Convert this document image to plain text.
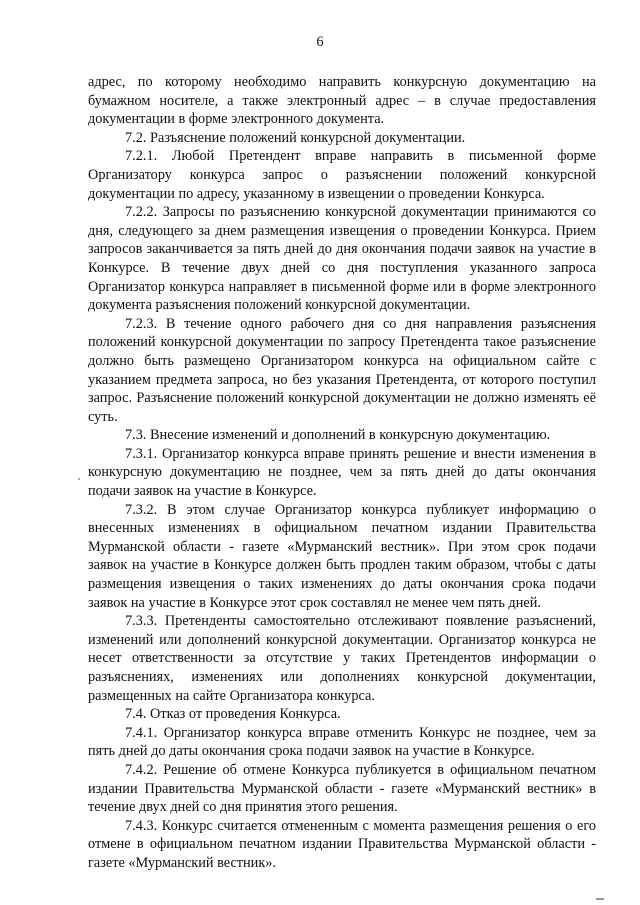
6

адрес, по которому необходимо направить конкурсную документацию на бумажном носителе, а также электронный адрес – в случае предоставления документации в форме электронного документа.

7.2. Разъяснение положений конкурсной документации.

7.2.1. Любой Претендент вправе направить в письменной форме Организатору конкурса запрос о разъяснении положений конкурсной документации по адресу, указанному в извещении о проведении Конкурса.

7.2.2. Запросы по разъяснению конкурсной документации принимаются со дня, следующего за днем размещения извещения о проведении Конкурса. Прием запросов заканчивается за пять дней до дня окончания подачи заявок на участие в Конкурсе. В течение двух дней со дня поступления указанного запроса Организатор конкурса направляет в письменной форме или в форме электронного документа разъяснения положений конкурсной документации.

7.2.3. В течение одного рабочего дня со дня направления разъяснения положений конкурсной документации по запросу Претендента такое разъяснение должно быть размещено Организатором конкурса на официальном сайте с указанием предмета запроса, но без указания Претендента, от которого поступил запрос. Разъяснение положений конкурсной документации не должно изменять её суть.

7.3. Внесение изменений и дополнений в конкурсную документацию.

7.3.1. Организатор конкурса вправе принять решение и внести изменения в конкурсную документацию не позднее, чем за пять дней до даты окончания подачи заявок на участие в Конкурсе.

7.3.2. В этом случае Организатор конкурса публикует информацию о внесенных изменениях в официальном печатном издании Правительства Мурманской области - газете «Мурманский вестник». При этом срок подачи заявок на участие в Конкурсе должен быть продлен таким образом, чтобы с даты размещения извещения о таких изменениях до даты окончания срока подачи заявок на участие в Конкурсе этот срок составлял не менее чем пять дней.

7.3.3. Претенденты самостоятельно отслеживают появление разъяснений, изменений или дополнений конкурсной документации. Организатор конкурса не несет ответственности за отсутствие у таких Претендентов информации о разъяснениях, изменениях или дополнениях конкурсной документации, размещенных на сайте Организатора конкурса.

7.4. Отказ от проведения Конкурса.

7.4.1. Организатор конкурса вправе отменить Конкурс не позднее, чем за пять дней до даты окончания срока подачи заявок на участие в Конкурсе.

7.4.2. Решение об отмене Конкурса публикуется в официальном печатном издании Правительства Мурманской области - газете «Мурманский вестник» в течение двух дней со дня принятия этого решения.

7.4.3. Конкурс считается отмененным с момента размещения решения о его отмене в официальном печатном издании Правительства Мурманской области - газете «Мурманский вестник».
